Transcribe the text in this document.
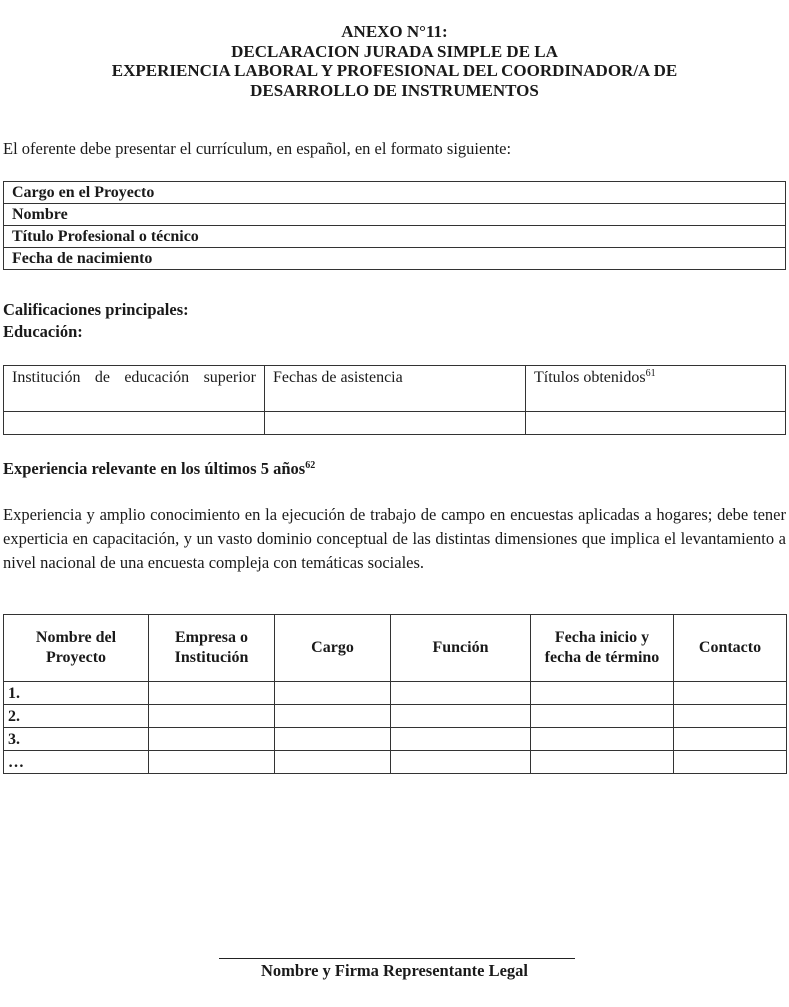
ANEXO N°11:
DECLARACION JURADA SIMPLE DE LA
EXPERIENCIA LABORAL Y PROFESIONAL DEL COORDINADOR/A DE
DESARROLLO DE INSTRUMENTOS
El oferente debe presentar el currículum, en español, en el formato siguiente:
Cargo en el Proyecto
Nombre
Título Profesional o técnico
Fecha de nacimiento
Calificaciones principales:
Educación:
Institución de educación superior	Fechas de asistencia	Títulos obtenidos$^{61}$

Experiencia relevante en los últimos 5 años$^{62}$
Experiencia y amplio conocimiento en la ejecución de trabajo de campo en encuestas aplicadas a hogares; debe tener experticia en capacitación, y un vasto dominio conceptual de las distintas dimensiones que implica el levantamiento a nivel nacional de una encuesta compleja con temáticas sociales.
Nombre del Proyecto	Empresa o Institución	Cargo	Función	Fecha inicio y fecha de término	Contacto
1.					
2.					
3.					
…					
Nombre y Firma Representante Legal
